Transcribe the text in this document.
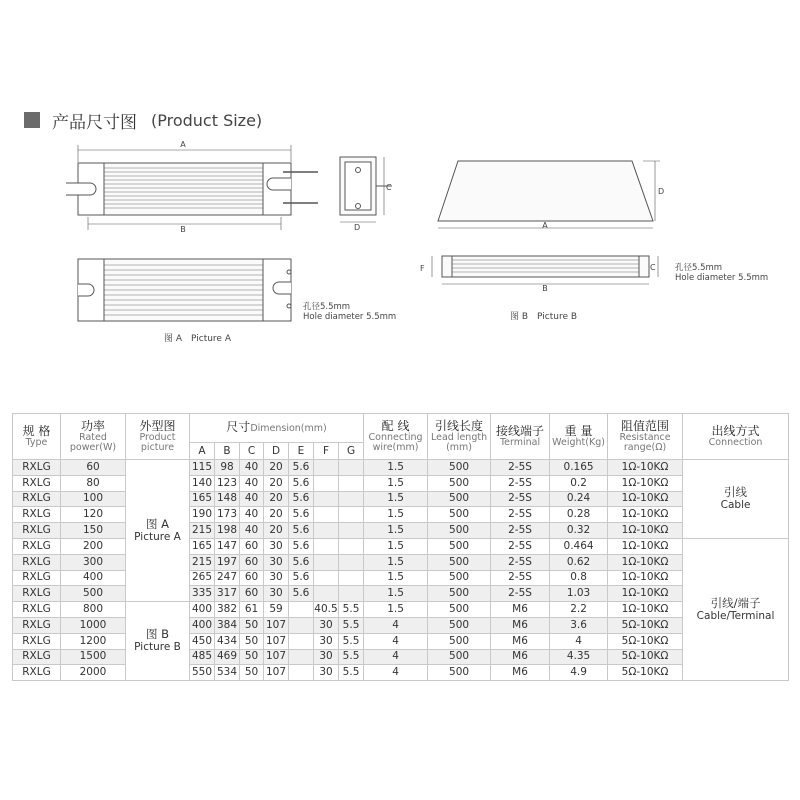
产品尺寸图 (Product Size)
A
B
孔径5.5mm
Hole diameter 5.5mm
图 A　Picture A
C
D
D
A
F	C
B
孔径5.5mm
Hole diameter 5.5mm
图 B　Picture B
规 格
Type	功率
Rated
power(W)	外型图
Product
picture	尺寸Dimension(mm)							配 线
Connecting
wire(mm)	引线长度
Lead length
(mm)	接线端子
Terminal	重 量
Weight(Kg)	阻值范围
Resistance
range(Ω)	出线方式
Connection

			A	B	C	D	E	F	G						
RXLG	60	图 A
Picture A	115	98	40	20	5.6			1.5	500	2-5S	0.165	1Ω-10KΩ	引线
Cable

RXLG	80		140	123	40	20	5.6			1.5	500	2-5S	0.2	1Ω-10KΩ	
RXLG	100		165	148	40	20	5.6			1.5	500	2-5S	0.24	1Ω-10KΩ	
RXLG	120		190	173	40	20	5.6			1.5	500	2-5S	0.28	1Ω-10KΩ	
RXLG	150		215	198	40	20	5.6			1.5	500	2-5S	0.32	1Ω-10KΩ	
RXLG	200		165	147	60	30	5.6			1.5	500	2-5S	0.464	1Ω-10KΩ	引线/端子
Cable/Terminal

RXLG	300		215	197	60	30	5.6			1.5	500	2-5S	0.62	1Ω-10KΩ	
RXLG	400		265	247	60	30	5.6			1.5	500	2-5S	0.8	1Ω-10KΩ	
RXLG	500		335	317	60	30	5.6			1.5	500	2-5S	1.03	1Ω-10KΩ	
RXLG	800	图 B
Picture B	400	382	61	59		40.5	5.5	1.5	500	M6	2.2	1Ω-10KΩ	
RXLG	1000		400	384	50	107		30	5.5	4	500	M6	3.6	5Ω-10KΩ	
RXLG	1200		450	434	50	107		30	5.5	4	500	M6	4	5Ω-10KΩ	
RXLG	1500		485	469	50	107		30	5.5	4	500	M6	4.35	5Ω-10KΩ	
RXLG	2000		550	534	50	107		30	5.5	4	500	M6	4.9	5Ω-10KΩ	
